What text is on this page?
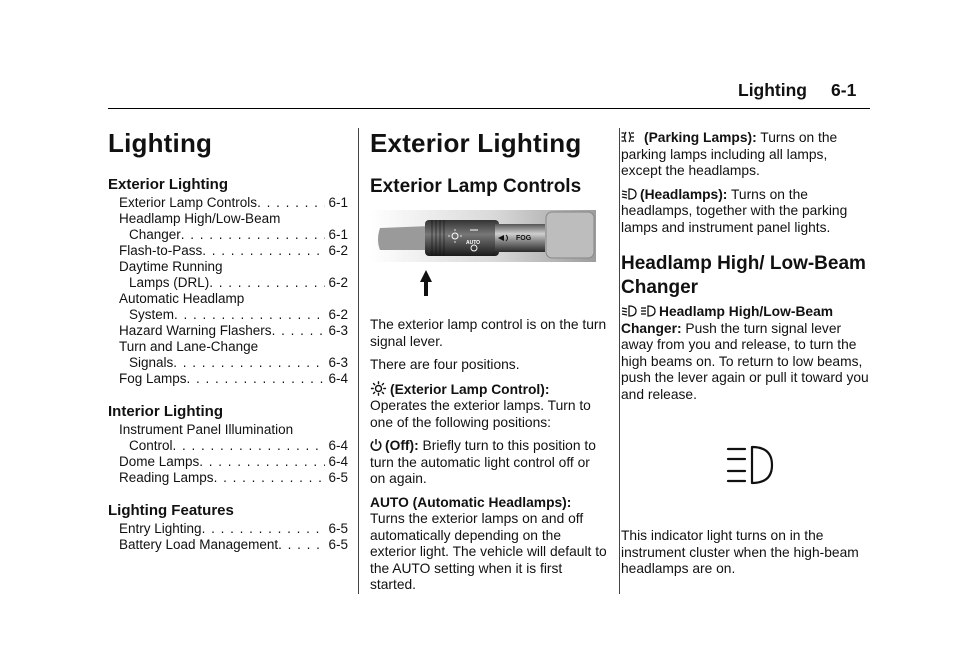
Lighting 6-1
Lighting
Exterior Lighting
Exterior Lamp Controls . . .	6-1
Headlamp High/Low-Beam
Changer . . .	6-1
Flash-to-Pass . . .	6-2
Daytime Running
Lamps (DRL) . . .	6-2
Automatic Headlamp
System . . .	6-2
Hazard Warning Flashers . . .	6-3
Turn and Lane-Change
Signals . . .	6-3
Fog Lamps . . .	6-4
Interior Lighting
Instrument Panel Illumination
Control . . .	6-4
Dome Lamps . . .	6-4
Reading Lamps . . .	6-5
Lighting Features
Entry Lighting . . .	6-5
Battery Load Management . . .	6-5
Exterior Lighting
Exterior Lamp Controls
AUTO
FOG

The exterior lamp control is on the turn signal lever.

There are four positions.

(Exterior Lamp Control): Operates the exterior lamps. Turn to one of the following positions:

(Off): Briefly turn to this position to turn the automatic light control off or on again.

AUTO (Automatic Headlamps): Turns the exterior lamps on and off automatically depending on the exterior light. The vehicle will default to the AUTO setting when it is first started.

(Parking Lamps): Turns on the parking lamps including all lamps, except the headlamps.

(Headlamps): Turns on the headlamps, together with the parking lamps and instrument panel lights.

Headlamp High/ Low-Beam Changer

Headlamp High/Low-Beam Changer: Push the turn signal lever away from you and release, to turn the high beams on. To return to low beams, push the lever again or pull it toward you and release.

This indicator light turns on in the instrument cluster when the high-beam headlamps are on.
